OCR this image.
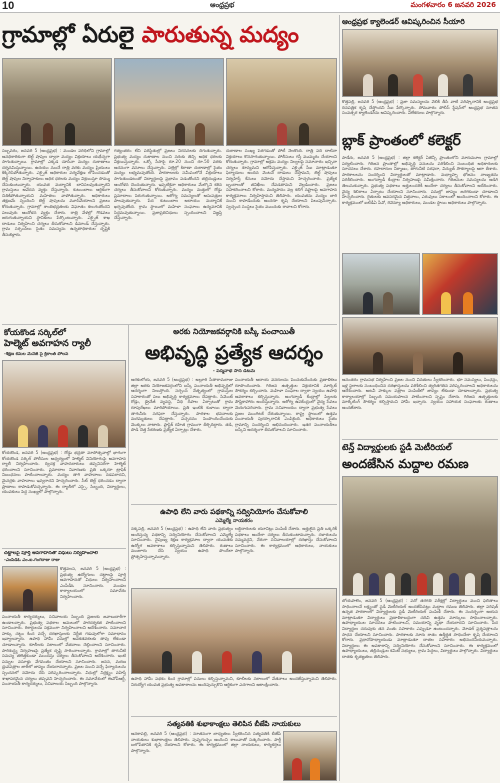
10	ఆంధ్రప్రభ	మంగళవారం 6 జనవరి 2026
గ్రామాల్లో ఏరులై పారుతున్న మద్యం
సబ్బవరం, జనవరి 5 (ఆంధ్రప్రభ) : మండల పరిధిలోని గ్రామాల్లో అనధికారికంగా బెల్ట్ షాపుల ద్వారా మద్యం విక్రయాలు యథేచ్ఛగా సాగుతున్నాయి. గ్రామాల్లో ఎక్కడ చూసినా మద్యం దుకాణాలు దర్శనమిస్తున్నాయి. ఉదయం నుంచే రాత్రి వరకు మద్యం ప్రియులు కిక్కిరిసిపోతున్నారు. ఎక్సైజ్ అధికారుల పర్యవేక్షణ లోపించడంతో బెల్ట్ షాపుల నిర్వాహకులు అధిక ధరలకు మద్యం విక్రయిస్తూ సొమ్ము చేసుకుంటున్నారు. యువత మద్యానికి బానిసలవుతున్నారని గ్రామస్తులు ఆవేదన వ్యక్తం చేస్తున్నారు. కుటుంబాలు ఆర్థికంగా చితికిపోతున్నాయని మహిళలు వాపోతున్నారు. అధికారులు తక్షణమే స్పందించి బెల్ట్ షాపులను మూసివేయాలని ప్రజలు కోరుతున్నారు. గ్రామాల్లో శాంతిభద్రతలకు విఘాతం కలుగుతోందని పలువురు ఆందోళన వ్యక్తం చేశారు. రాత్రి వేళల్లో గొడవలు జరుగుతున్నాయని స్థానికులు పేర్కొంటున్నారు. ఎక్సైజ్ శాఖ దాడులు నిర్వహించి చర్యలు తీసుకోవాలని డిమాండ్ చేస్తున్నారు. గ్రామ సర్పంచ్‌లు సైతం సమస్యను ఉన్నతాధికారుల దృష్టికి తీసుకెళ్లారు.
గత్యంతరం లేని పరిస్థితుల్లో ప్రజలు నిరసనలకు దిగుతున్నారు. ప్రభుత్వ మద్యం దుకాణాల నుంచి సరుకు తెచ్చి అధిక ధరలకు విక్రయిస్తున్నారు. ఒక్కో సీసాపై రూ.20 నుంచి రూ.50 వరకు అదనంగా వసూలు చేస్తున్నారు. పల్లెల్లో కిరాణా దుకాణాల్లో సైతం మద్యం లభ్యమవుతోంది. పాఠశాలలకు సమీపంలోనే విక్రయాలు సాగుతుండటంతో విద్యార్థులపై ప్రభావం పడుతోందని తల్లిదండ్రులు ఆందోళన చెందుతున్నారు. ఇప్పటికైనా అధికారులు మేల్కొని కఠిన చర్యలు తీసుకోవాలని కోరుతున్నారు. మద్యం మత్తులో రోడ్డు ప్రమాదాలు పెరుగుతున్నాయి. ఆరోగ్య సమస్యలతో ఆసుపత్రుల పాలవుతున్నారు. పేద కుటుంబాల ఆదాయం మద్యానికే ఖర్చవుతోంది. గ్రామ స్థాయిలో మహిళా సంఘాలు ఉద్యమానికి సిద్ధమవుతున్నాయి. ప్రజాప్రతినిధులు స్పందించాలని విజ్ఞప్తి చేస్తున్నారు.
దుకాణాల సంఖ్య పెరగడంతో పోటీ నెలకొంది. రాత్రి పది దాటినా విక్రయాలు కొనసాగుతున్నాయి. పోలీసులు గస్తీ ముమ్మరం చేయాలని కోరుతున్నారు. గ్రామాల్లో అక్రమ మద్యం నిల్వలపై సమాచారం ఇచ్చినా చర్యలు శూన్యమని ఆరోపిస్తున్నారు. ఎక్సైజ్ సీఐ మాట్లాడుతూ ఫిర్యాదులు అందిన వెంటనే దాడులు చేస్తామని, బెల్ట్ షాపులు నిర్వహిస్తే కేసులు నమోదు చేస్తామని హెచ్చరించారు. ప్రత్యేక బృందాలతో తనిఖీలు చేపడతామని వెల్లడించారు. ప్రజలు సహకరించాలని కోరారు. మద్యపానం వల్ల కలిగే నష్టాలపై అవగాహన కార్యక్రమాలు నిర్వహిస్తామని తెలిపారు. యువతను మద్యం బారి నుంచి కాపాడేందుకు అందరూ కృషి చేయాలని పిలుపునిచ్చారు. స్వచ్ఛంద సంస్థలు సైతం ముందుకు రావాలని కోరారు.
ఆంధ్రప్రభ క్యాలెండర్ ఆవిష్కరించిన సీయారి
కొత్తపల్లి, జనవరి 5 (ఆంధ్రప్రభ) : ప్రజా సమస్యలను వెలికి తీసి వాటి పరిష్కారానికి ఆంధ్రప్రభ దినపత్రిక కృషి చేస్తోందని సీఐ పేర్కొన్నారు. సోమవారం పోలీస్ స్టేషన్‌లో ఆంధ్రప్రభ నూతన సంవత్సర క్యాలెండర్‌ను ఆవిష్కరించారు. విలేకరులు పాల్గొన్నారు.
బ్లాక్ ప్రాంతంలో కలెక్టర్
పాడేరు, జనవరి 5 (ఆంధ్రప్రభ) : జిల్లా కలెక్టర్ ఏజెన్సీ ప్రాంతంలోని మారుమూల గ్రామాల్లో పర్యటించారు. గిరిజన ప్రాంతాల్లో అభివృద్ధి పనులను పరిశీలించి సంబంధిత అధికారులకు సూచనలు చేశారు. రహదారుల నిర్మాణం, తాగునీటి సరఫరా, విద్యుత్ సౌకర్యాలపై ఆరా తీశారు. పాఠశాలలను సందర్శించి విద్యార్థులతో మాట్లాడారు. మధ్యాహ్న భోజనం నాణ్యతను పరిశీలించారు. అంగన్వాడీ కేంద్రాల నిర్వహణపై సమీక్షించారు. గిరిజనుల సమస్యలను అడిగి తెలుసుకున్నారు. ప్రభుత్వ పథకాలు అర్హులందరికీ అందేలా చర్యలు తీసుకోవాలని ఆదేశించారు. వైద్య శిబిరాలు ఏర్పాటు చేయాలని సూచించారు. పనుల్లో జాప్యం జరగకుండా చూడాలని హెచ్చరించారు. రైతులకు అవసరమైన విత్తనాలు, ఎరువులు సకాలంలో అందించాలని కోరారు. ఈ కార్యక్రమంలో ఐటీడీఏ పీవో, రెవెన్యూ అధికారులు, మండల స్థాయి అధికారులు పాల్గొన్నారు.
అనంతరం గ్రామసభ నిర్వహించి ప్రజల నుంచి వినతులు స్వీకరించారు. భూ సమస్యలు, పింఛన్లు, ఇళ్ల స్థలాలకు సంబంధించిన దరఖాస్తులను పరిశీలించి త్వరితగతిన పరిష్కరించాలని అధికారులను ఆదేశించారు. అటవీ హక్కుల పత్రాల పంపిణీలో జాప్యం లేకుండా చూడాలన్నారు. ప్రభుత్వ కార్యాలయాల్లో సిబ్బంది సమయపాలన పాటించాలని స్పష్టం చేశారు. గిరిజన ఉత్పత్తులకు మార్కెటింగ్ సౌకర్యం కల్పిస్తామని హామీ ఇచ్చారు. స్వయం సహాయక సంఘాలకు రుణాలు అందజేశారు.
కోయకొండ సర్కిల్‌లో
హెల్మెట్ అవగాహన ర్యాలీ
-శిక్షణ కమల మేనేజ్ సై క్రికాంత్ పోలవ
కోయకొండ, జనవరి 5 (ఆంధ్రప్రభ) : రోడ్డు భద్రతా మాసోత్సవాల్లో భాగంగా కోయకొండ సర్కిల్ పోలీసుల ఆధ్వర్యంలో హెల్మెట్ వినియోగంపై అవగాహన ర్యాలీ నిర్వహించారు. ద్విచక్ర వాహనదారులు తప్పనిసరిగా హెల్మెట్ ధరించాలని సూచించారు. ప్రమాదాల నివారణకు ప్రతి ఒక్కరూ ట్రాఫిక్ నిబంధనలు పాటించాలన్నారు. మద్యం తాగి వాహనాలు నడపరాదని, మైనర్లకు వాహనాలు ఇవ్వరాదని హెచ్చరించారు. సీట్ బెల్ట్ ధరించడం ద్వారా ప్రాణాలు కాపాడుకోవచ్చన్నారు. ఈ ర్యాలీలో ఎస్సై, సిబ్బంది, విద్యార్థులు, యువకులు పెద్ద సంఖ్యలో పాల్గొన్నారు.
చట్టాలపై పూర్తి అవగాహనతో విధులు నిర్వహించాలి
-ఎంపీడీఓ ఎం.ఐ.గంగరాజు రాజు
కొత్తవలస, జనవరి 5 (ఆంధ్రప్రభ) : ప్రభుత్వ ఉద్యోగులు చట్టాలపై పూర్తి అవగాహనతో విధులు నిర్వహించాలని ఎంపీడీఓ సూచించారు. మండల కార్యాలయంలో సమావేశం నిర్వహించారు.
పంచాయతీ కార్యదర్శులు, సచివాలయ సిబ్బంది ప్రజలకు జవాబుదారీగా ఉండాలన్నారు. ప్రభుత్వ పథకాల అమలులో పారదర్శకత పాటించాలని సూచించారు. రికార్డులను సక్రమంగా నిర్వహించాలని ఆదేశించారు. సమాచార హక్కు చట్టం కింద వచ్చే దరఖాస్తులకు నిర్ణీత గడువులోగా సమాధానం ఇవ్వాలన్నారు. ఉపాధి హామీ పనుల్లో అవకతవకలకు తావు లేకుండా చూడాలన్నారు. కూలీలకు సకాలంలో వేతనాలు చెల్లించాలని సూచించారు. పారిశుద్ధ్య నిర్వహణపై ప్రత్యేక దృష్టి సారించాలన్నారు. గ్రామాల్లో తాగునీటి సమస్య తలెత్తకుండా ముందస్తు చర్యలు తీసుకోవాలని ఆదేశించారు. ఇంటి పన్నుల వసూళ్లు వేగవంతం చేయాలని సూచించారు. జనన, మరణ ధ్రువపత్రాల జారీలో జాప్యం చేయరాదన్నారు. ప్రజల నుంచి వచ్చే ఫిర్యాదులను స్పందనలో నమోదు చేసి పరిష్కరించాలన్నారు. విధుల్లో నిర్లక్ష్యం వహిస్తే శాఖాపరమైన చర్యలు తప్పవని హెచ్చరించారు. ఈ సమావేశంలో ఈవోపీఆర్డీ, పంచాయతీ కార్యదర్శులు, సచివాలయ సిబ్బంది పాల్గొన్నారు.
అరకు నియోజకవర్గానికి బస్కీ పంచాయితీ
అభివృద్ధి ప్రత్యేక ఆదర్శం
- పద్మనాభ సాన డిటమే
అరకులోయ, జనవరి 5 (ఆంధ్రప్రభ) : అల్లూరి సీతారామరాజు జిల్లా అరకు నియోజకవర్గంలోని బస్కీ పంచాయతీ అభివృద్ధిలో ఆదర్శంగా నిలుస్తోంది. సర్పంచ్ నేతృత్వంలో గ్రామస్తుల సహకారంతో పలు అభివృద్ధి కార్యక్రమాలు చేపట్టారు. సిమెంట్ రోడ్లు, డ్రైనేజీ వ్యవస్థ, వీధి దీపాల ఏర్పాటుతో గ్రామ రూపురేఖలు మారిపోయాయి. ప్రతి ఇంటికి కుళాయి ద్వారా తాగునీరు సరఫరా చేస్తున్నారు. పాఠశాల భవనాలకు మరమ్మతులు చేపట్టారు. పచ్చదనం పెంపొందించేందుకు మొక్కలు నాటారు. ప్లాస్టిక్ రహిత గ్రామంగా తీర్చిదిద్దారు. తడి, పొడి చెత్త సేకరణకు ప్రత్యేక ఏర్పాట్లు చేశారు.
పంచాయతీ ఆదాయ వనరులను పెంచుకునేందుకు ప్రణాళికలు రూపొందించారు. గిరిజన ఉత్పత్తుల విక్రయానికి మార్కెట్ సౌకర్యం కల్పించారు. మహిళా సంఘాల ద్వారా స్వయం ఉపాధి అవకాశాలు కల్పిస్తున్నారు. అంగన్వాడీ కేంద్రాల్లో పిల్లలకు పౌష్టికాహారం అందిస్తున్నారు. ఆరోగ్య ఉపకేంద్రంలో వైద్య సేవలు మెరుగుపరిచారు. గ్రామ సచివాలయం ద్వారా ప్రభుత్వ సేవలు ప్రజల ముంగిటకే చేరుతున్నాయి. రాష్ట్ర స్థాయిలో ఉత్తమ పంచాయతీ పురస్కారానికి ఎంపికైంది. అధికారులు సైతం గ్రామాన్ని సందర్శించి అభినందించారు. ఇతర పంచాయతీలు బస్కీని ఆదర్శంగా తీసుకోవాలని సూచించారు.
ఉపాధి లేని వారు పథకాన్ని సద్వినియోగం చేసుకోవాలి
ఎమ్మెల్యే నాయకరం
నక్కపల్లి, జనవరి 5 (ఆంధ్రప్రభ) : ఉపాధి లేని వారు ప్రభుత్వం అందిస్తున్న పథకాన్ని సద్వినియోగం చేసుకోవాలని ఎమ్మెల్యే సూచించారు. నైపుణ్య శిక్షణ కార్యక్రమాల ద్వారా యువతకు ఉద్యోగ అవకాశాలు కల్పిస్తున్నామని తెలిపారు. రుణాలు మంజూరు చేసి స్వయం ఉపాధి పొందేలా ప్రోత్సహిస్తున్నామన్నారు.
లబ్ధిదారులకు యూనిట్లు పంపిణీ చేశారు. అర్హులైన ప్రతి ఒక్కరికీ పథకాలు అందేలా చర్యలు తీసుకుంటామన్నారు. దళారులను నమ్మవద్దని, నేరుగా సచివాలయాల్లో దరఖాస్తు చేసుకోవాలని సూచించారు. ఈ కార్యక్రమంలో అధికారులు, నాయకులు పాల్గొన్నారు.
ఉపాధి హామీ పథకం కింద గ్రామాల్లో పనులు కల్పిస్తున్నామని, కూలీలకు సకాలంలో వేతనాలు అందజేస్తున్నామని తెలిపారు. నిరుద్యోగ యువత ప్రభుత్వ అవకాశాలను అందిపుచ్చుకొని ఆర్థికంగా ఎదగాలని ఆకాంక్షించారు.
సత్యవతికి శుభాకాంక్షలు తెలిపిన బీజేపి నాయకులు
అనకాపల్లి, జనవరి 5 (ఆంధ్రప్రభ) : నూతనంగా బాధ్యతలు స్వీకరించిన సత్యవతికి బీజేపీ నాయకులు శుభాకాంక్షలు తెలిపారు. పుష్పగుచ్ఛం అందించి శాలువాతో సత్కరించారు. పార్టీ బలోపేతానికి కృషి చేయాలని కోరారు. ఈ కార్యక్రమంలో జిల్లా నాయకులు, కార్యకర్తలు పాల్గొన్నారు.
టెన్త్ విద్యార్థులకు స్టడీ మెటీరియల్
అందజేసిన మద్దాల రమణ
బోయపాలెం, జనవరి 5 (ఆంధ్రప్రభ) : పదో తరగతి పరీక్షల్లో విద్యార్థులు మంచి ఫలితాలు సాధించాలనే లక్ష్యంతో స్టడీ మెటీరియల్ అందజేసినట్లు మద్దాల రమణ తెలిపారు. జిల్లా పరిషత్ ఉన్నత పాఠశాలలో విద్యార్థులకు స్టడీ మెటీరియల్ పంపిణీ చేశారు. ఈ సందర్భంగా ఆయన మాట్లాడుతూ విద్యార్థులు ప్రణాళికాబద్ధంగా చదివి ఉత్తమ మార్కులు సాధించాలన్నారు. ఉపాధ్యాయుల సూచనలు పాటించాలని, సమయాన్ని వృథా చేయరాదని సూచించారు. పేద విద్యార్థుల చదువుకు తన వంతు సహకారం ఎప్పుడూ ఉంటుందన్నారు. మోడల్ ప్రశ్నపత్రాలను సాధన చేయాలని సూచించారు. పాఠశాలకు నూరు శాతం ఉత్తీర్ణత సాధించేలా కృషి చేయాలని కోరారు. ప్రధానోపాధ్యాయుడు మాట్లాడుతూ దాతల సహకారం అభినందనీయమన్నారు. విద్యార్థులు ఈ అవకాశాన్ని సద్వినియోగం చేసుకోవాలని సూచించారు. ఈ కార్యక్రమంలో ఉపాధ్యాయులు, తల్లిదండ్రుల కమిటీ సభ్యులు, గ్రామ పెద్దలు, విద్యార్థులు పాల్గొన్నారు. విద్యార్థులు దాతకు కృతజ్ఞతలు తెలిపారు.
